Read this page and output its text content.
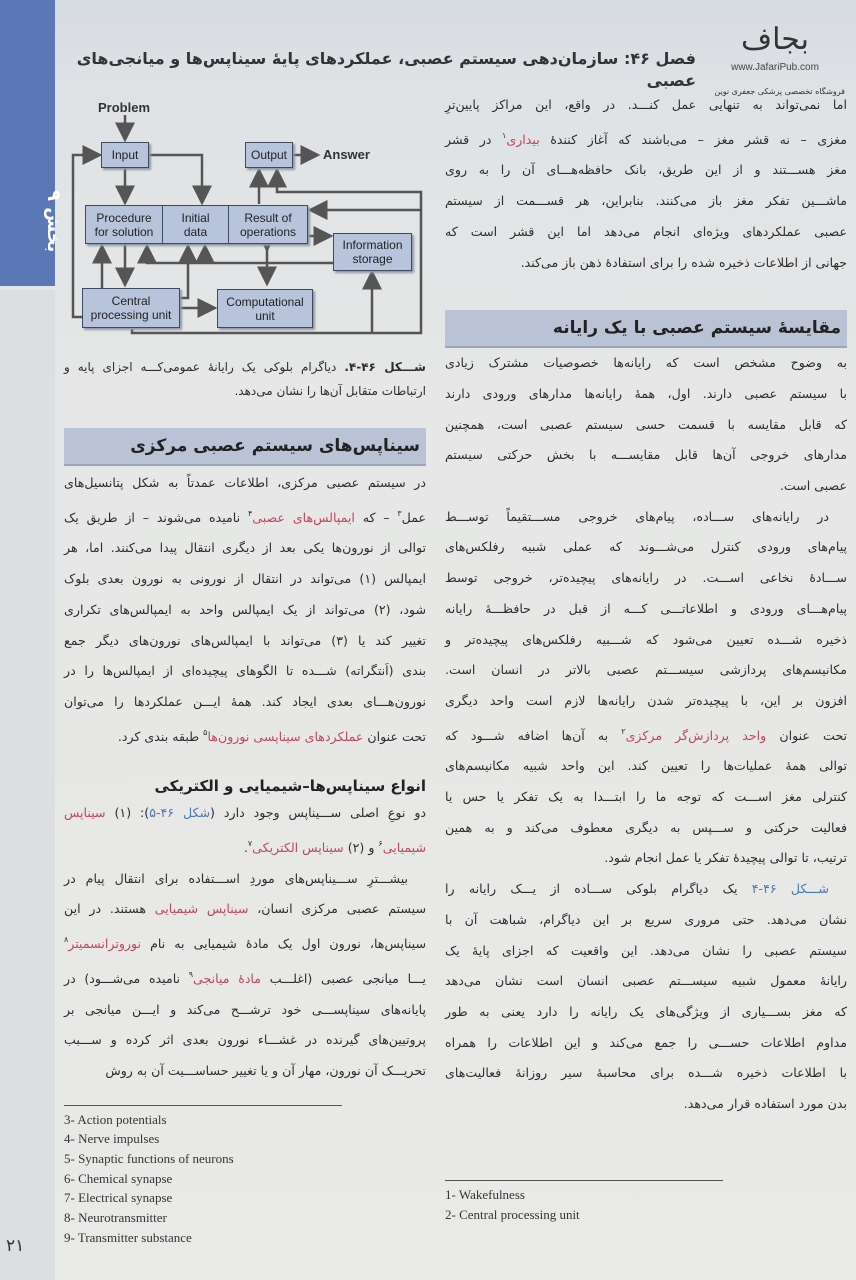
بخش ۹
فصل ۴۶: سازمان‌دهی سیستم عصبی، عملکردهای پایهٔ سیناپس‌ها و میانجی‌های عصبی
بجاف
www.JafariPub.com
فروشگاه تخصصی پزشکی جعفری نوین
Problem
Answer
Input	Output
Procedure for solution
Initial data
Result of operations
Information storage
Central processing unit
Computational unit
شـــکل ۴۶-۴. دیاگرام بلوکی یک رایانهٔ عمومی‌کـــه اجزای پایه و
ارتباطات متقابل آن‌ها را نشان می‌دهد.
سیناپس‌های سیستم عصبی مرکزی
در سیستم عصبی مرکزی، اطلاعات عمدتاً به شکل پتانسیل‌های
عمل$^۳$ – که ایمپالس‌های عصبی$^۴$ نامیده می‌شوند – از طریق یک
توالی از نورون‌ها یکی بعد از دیگری انتقال پیدا می‌کنند. اما، هر
ایمپالس (۱) می‌تواند در انتقال از نورونی به نورون بعدی بلوک
شود، (۲) می‌تواند از یک ایمپالس واحد به ایمپالس‌های تکراری
تغییر کند یا (۳) می‌تواند با ایمپالس‌های نورون‌های دیگر جمع
بندی (اَنتگراته) شـــده تا الگوهای پیچیده‌ای از ایمپالس‌ها را در
نورون‌هـــای بعدی ایجاد کند. همهٔ ایـــن عملکردها را می‌توان
تحت عنوان عملکردهای سیناپسی نورون‌ها$^۵$ طبقه بندی کرد.
انواع سیناپس‌ها–شیمیایی و الکتریکی
دو نوعِ اصلی ســـیناپس وجود دارد (شکل ۴۶-۵): (۱) سیناپس
شیمیایی$^۶$ و (۲) سیناپس الکتریکی$^۷$.
بیشـــترِ ســـیناپس‌های موردِ اســـتفاده برای انتقال پیام در
سیستم عصبی مرکزی انسان، سیناپس شیمیایی هستند. در این
سیناپس‌ها، نورون اول یک مادهٔ شیمیایی به نام نوروترانسمیتر$^۸$
یـــا میانجی عصبی (اغلـــب مادهٔ میانجی$^۹$ نامیده می‌شـــود) در
پایانه‌های سیناپســـی خود ترشـــح می‌کند و ایـــن میانجی بر
پروتیین‌های گیرنده در غشـــاء نورون بعدی اثر کرده و ســـبب
تحریـــک آن نورون، مهار آن و یا تغییر حساســـیت آن به روش
3- Action potentials
4- Nerve impulses
5- Synaptic functions of neurons
6- Chemical synapse
7- Electrical synapse
8- Neurotransmitter
9- Transmitter substance
اما نمی‌تواند به تنهایی عمل کنـــد. در واقع، این مراکز پایین‌ترِ
مغزی – نه قشر مغز – می‌باشند که آغاز کنندهٔ بیداری$^۱$ در قشر
مغز هســـتند و از این طریق، بانک حافظه‌هـــای آن را به روی
ماشـــین تفکر مغز باز می‌کنند. بنابراین، هر قســـمت از سیستم
عصبی عملکردهای ویژه‌ای انجام می‌دهد اما این قشر است که
جهانی از اطلاعات ذخیره شده را برای استفادهٔ ذهن باز می‌کند.
مقایسهٔ سیستم عصبی با یک رایانه
به وضوح مشخص است که رایانه‌ها خصوصیات مشترک زیادی
با سیستم عصبی دارند. اول، همهٔ رایانه‌ها مدارهای ورودی دارند
که قابل مقایسه با قسمت حسی سیستم عصبی است، همچنین
مدارهای خروجی آن‌ها قابل مقایســـه با بخش حرکتی سیستم
عصبی است.
در رایانه‌های ســـاده، پیام‌های خروجی مســـتقیماً توســـط
پیام‌های ورودی کنترل می‌شـــوند که عملی شبیه رفلکس‌های
ســـادهٔ نخاعی اســـت. در رایانه‌های پیچیده‌تر، خروجی توسط
پیام‌هـــای ورودی و اطلاعاتـــی کـــه از قبل در حافظـــهٔ رایانه
ذخیره شـــده تعیین می‌شود که شـــبیه رفلکس‌های پیچیده‌تر و
مکانیسم‌های پردازشی سیســـتم عصبی بالاتر در انسان است.
افزون بر این، با پیچیده‌تر شدن رایانه‌ها لازم است واحد دیگری
تحت عنوان واحد پردازش‌گر مرکزی$^۲$ به آن‌ها اضافه شـــود که
توالی همهٔ عملیات‌ها را تعیین کند. این واحد شبیه مکانیسم‌های
کنترلی مغز اســـت که توجه ما را ابتـــدا به یک تفکر یا حس یا
فعالیت حرکتی و ســـپس به دیگری معطوف می‌کند و به همین
ترتیب، تا توالی پیچیدهٔ تفکر یا عمل انجام شود.
شـــکل ۴۶-۴ یک دیاگرام بلوکی ســـاده از یـــک رایانه را
نشان می‌دهد. حتی مروری سریع بر این دیاگرام، شباهت آن با
سیستم عصبی را نشان می‌دهد. این واقعیت که اجزای پایهٔ یک
رایانهٔ معمول شبیه سیســـتم عصبی انسان است نشان می‌دهد
که مغز بســـیاری از ویژگی‌های یک رایانه را دارد یعنی به طور
مداوم اطلاعات حســـی را جمع می‌کند و این اطلاعات را همراه
با اطلاعات ذخیره شـــده برای محاسبهٔ سیر روزانهٔ فعالیت‌های
بدن مورد استفاده قرار می‌دهد.
1- Wakefulness
2- Central processing unit
۲۱
